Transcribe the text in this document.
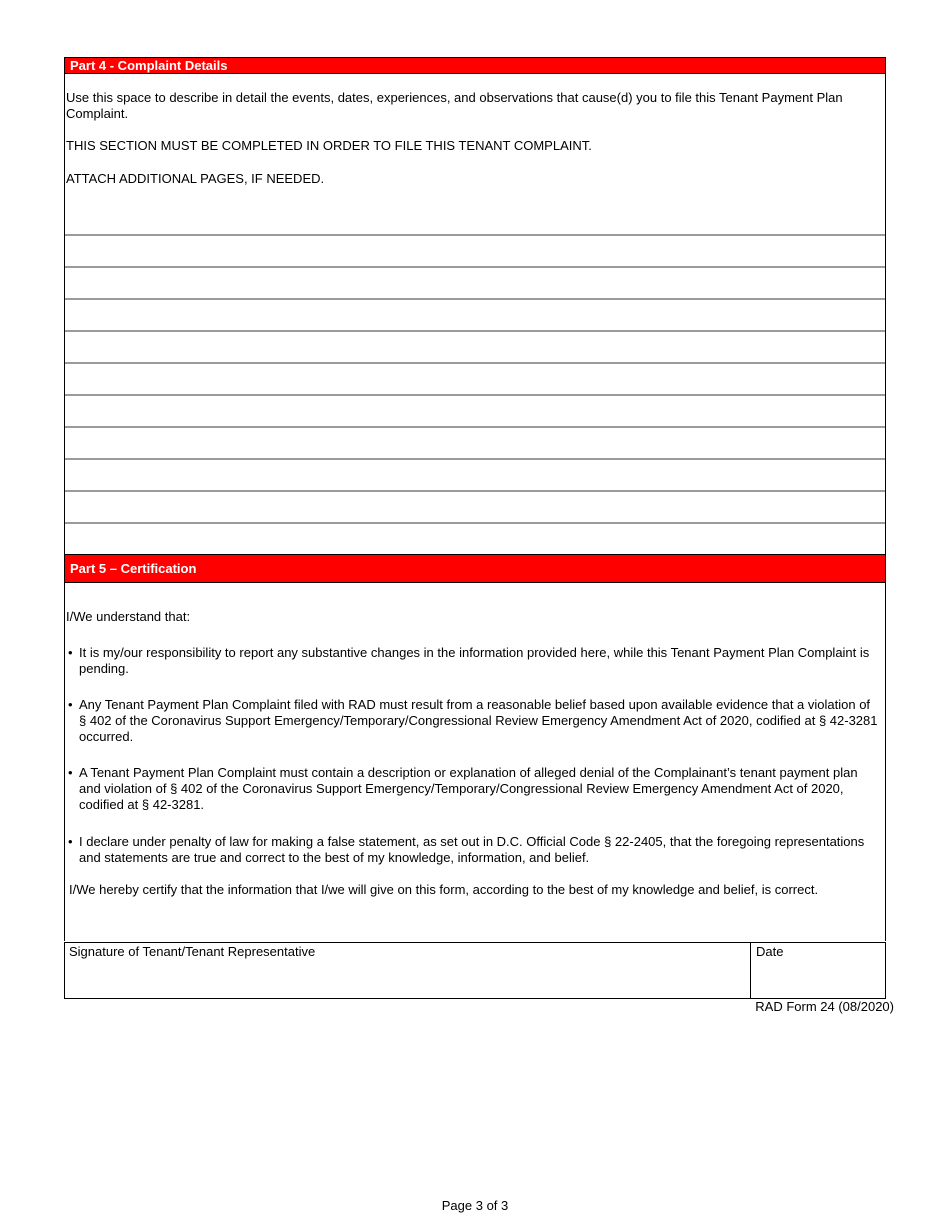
Part 4 - Complaint Details

Use this space to describe in detail the events, dates, experiences, and observations that cause(d) you to file this Tenant Payment Plan Complaint.

THIS SECTION MUST BE COMPLETED IN ORDER TO FILE THIS TENANT COMPLAINT.

ATTACH ADDITIONAL PAGES, IF NEEDED.

Part 5 – Certification

I/We understand that:

• It is my/our responsibility to report any substantive changes in the information provided here, while this Tenant Payment Plan Complaint is pending.
• Any Tenant Payment Plan Complaint filed with RAD must result from a reasonable belief based upon available evidence that a violation of § 402 of the Coronavirus Support Emergency/Temporary/Congressional Review Emergency Amendment Act of 2020, codified at § 42-3281 occurred.
• A Tenant Payment Plan Complaint must contain a description or explanation of alleged denial of the Complainant’s tenant payment plan and violation of § 402 of the Coronavirus Support Emergency/Temporary/Congressional Review Emergency Amendment Act of 2020, codified at § 42-3281.
• I declare under penalty of law for making a false statement, as set out in D.C. Official Code § 22-2405, that the foregoing representations and statements are true and correct to the best of my knowledge, information, and belief.

I/We hereby certify that the information that I/we will give on this form, according to the best of my knowledge and belief, is correct.

Signature of Tenant/Tenant Representative	Date
RAD Form 24 (08/2020)
Page 3 of 3
